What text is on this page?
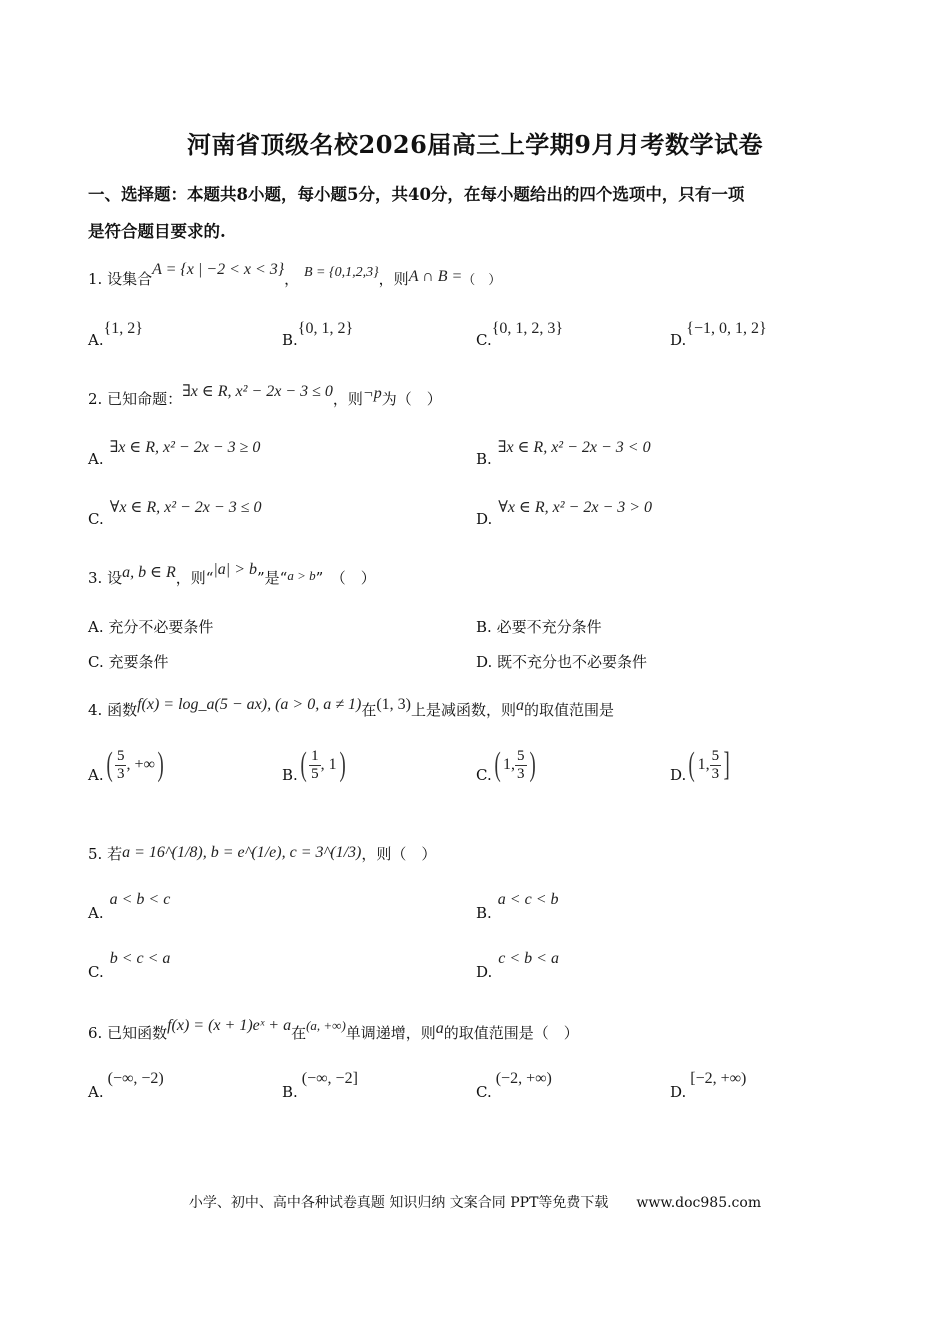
河南省顶级名校2026届高三上学期9月月考数学试卷
一、选择题：本题共8小题，每小题5分，共40分，在每小题给出的四个选项中，只有一项
是符合题目要求的.
1. 设集合A = {x | −2 < x < 3}， B = {0,1,2,3}，则A ∩ B =（　）
A.{1, 2}
B.{0, 1, 2}
C.{0, 1, 2, 3}
D.{−1, 0, 1, 2}
2. 已知命题：∃x ∈ R, x² − 2x − 3 ≤ 0，则¬p为（　）
A.∃x ∈ R, x² − 2x − 3 ≥ 0
B.∃x ∈ R, x² − 2x − 3 < 0
C.∀x ∈ R, x² − 2x − 3 ≤ 0
D.∀x ∈ R, x² − 2x − 3 > 0
3. 设a, b ∈ R，则“|a| > b”是“a > b”　（　）
A. 充分不必要条件	B. 必要不充分条件
C. 充要条件	D. 既不充分也不必要条件
4. 函数f(x) = log_a(5 − ax), (a > 0, a ≠ 1)在(1, 3)上是减函数，则a的取值范围是
A. ( $\frac{5}{3}$ , +∞ )	B. ( $\frac{1}{5}$ , 1 )	C. ( 1, $\frac{5}{3}$ )	D. ( 1, $\frac{5}{3}$ ]
5. 若a = 16^(1/8), b = e^(1/e), c = 3^(1/3)，则（　）
A.a < b < c
B.a < c < b
C.b < c < a
D.c < b < a
6. 已知函数f(x) = (x + 1)eˣ + a在(a, +∞)单调递增，则a的取值范围是（　）
A.(−∞, −2)
B.(−∞, −2]
C.(−2, +∞)
D.[−2, +∞)
小学、初中、高中各种试卷真题 知识归纳 文案合同 PPT等免费下载　　www.doc985.com
